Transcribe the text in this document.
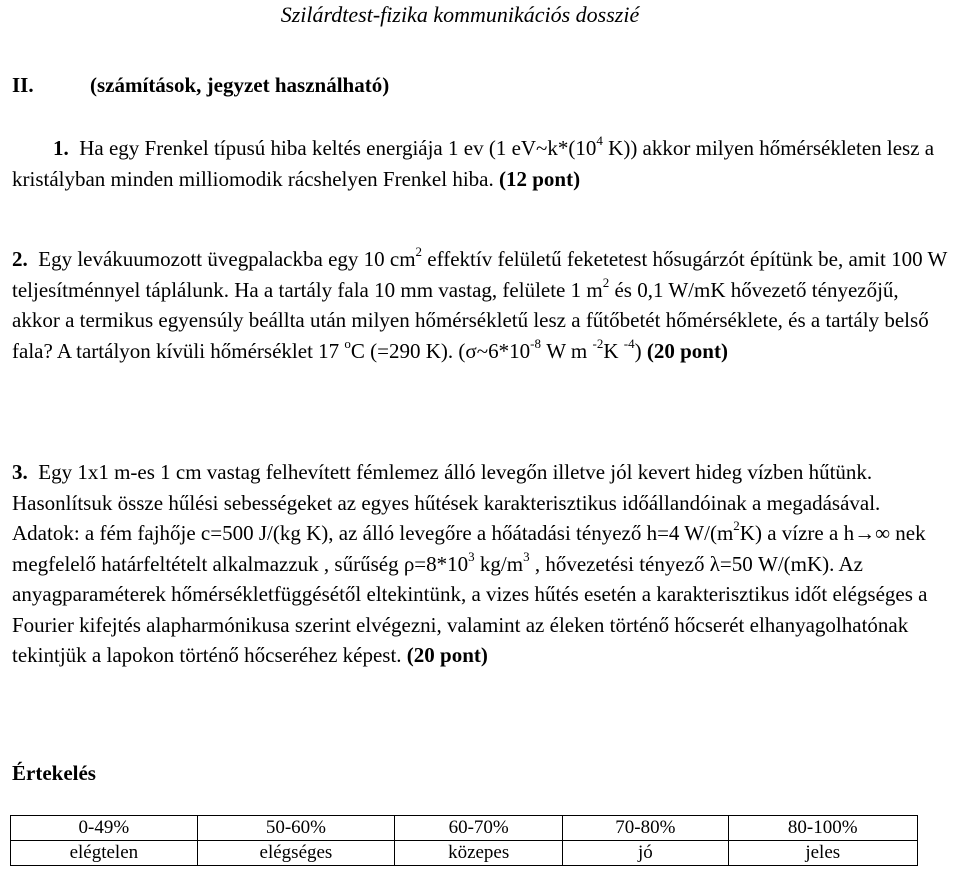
Szilárdtest-fizika kommunikációs dosszié
II.	(számítások, jegyzet használható)

1. Ha egy Frenkel típusú hiba keltés energiája 1 ev (1 $eV\sim k*(10^4$ K)) akkor milyen hőmérsékleten lesz a kristályban minden milliomodik rácshelyen Frenkel hiba. (12 pont)

2. Egy levákuumozott üvegpalackba egy 10 $cm^2$ effektív felületű feketetest hősugárzót építünk be, amit 100 W teljesítménnyel táplálunk. Ha a tartály fala 10 mm vastag, felülete 1 $m^2$ és 0,1 W/mK hővezető tényezőjű, akkor a termikus egyensúly beállta után milyen hőmérsékletű lesz a fűtőbetét hőmérséklete, és a tartály belső fala? A tartályon kívüli hőmérséklet 17 $^o$C (=290 K). ($\sigma\sim 6*10^{-8}$ W m $^{-2}$K $^{-4}$) (20 pont)

3. Egy 1x1 m-es 1 cm vastag felhevített fémlemez álló levegőn illetve jól kevert hideg vízben hűtünk. Hasonlítsuk össze hűlési sebességeket az egyes hűtések karakterisztikus időállandóinak a megadásával. Adatok: a fém fajhője c=500 J/(kg K), az álló levegőre a hőátadási tényező h=4 $W/(m^2K)$ a vízre a h→∞ nek megfelelő határfeltételt alkalmazzuk , sűrűség $\rho=8*10^3$ $kg/m^3$ , hővezetési tényező λ=50 W/(mK). Az anyagparaméterek hőmérsékletfüggésétől eltekintünk, a vizes hűtés esetén a karakterisztikus időt elégséges a Fourier kifejtés alapharmónikusa szerint elvégezni, valamint az éleken történő hőcserét elhanyagolhatónak tekintjük a lapokon történő hőcseréhez képest. (20 pont)

Értekelés
0-49%	50-60%	60-70%	70-80%	80-100%
elégtelen	elégséges	közepes	jó	jeles
